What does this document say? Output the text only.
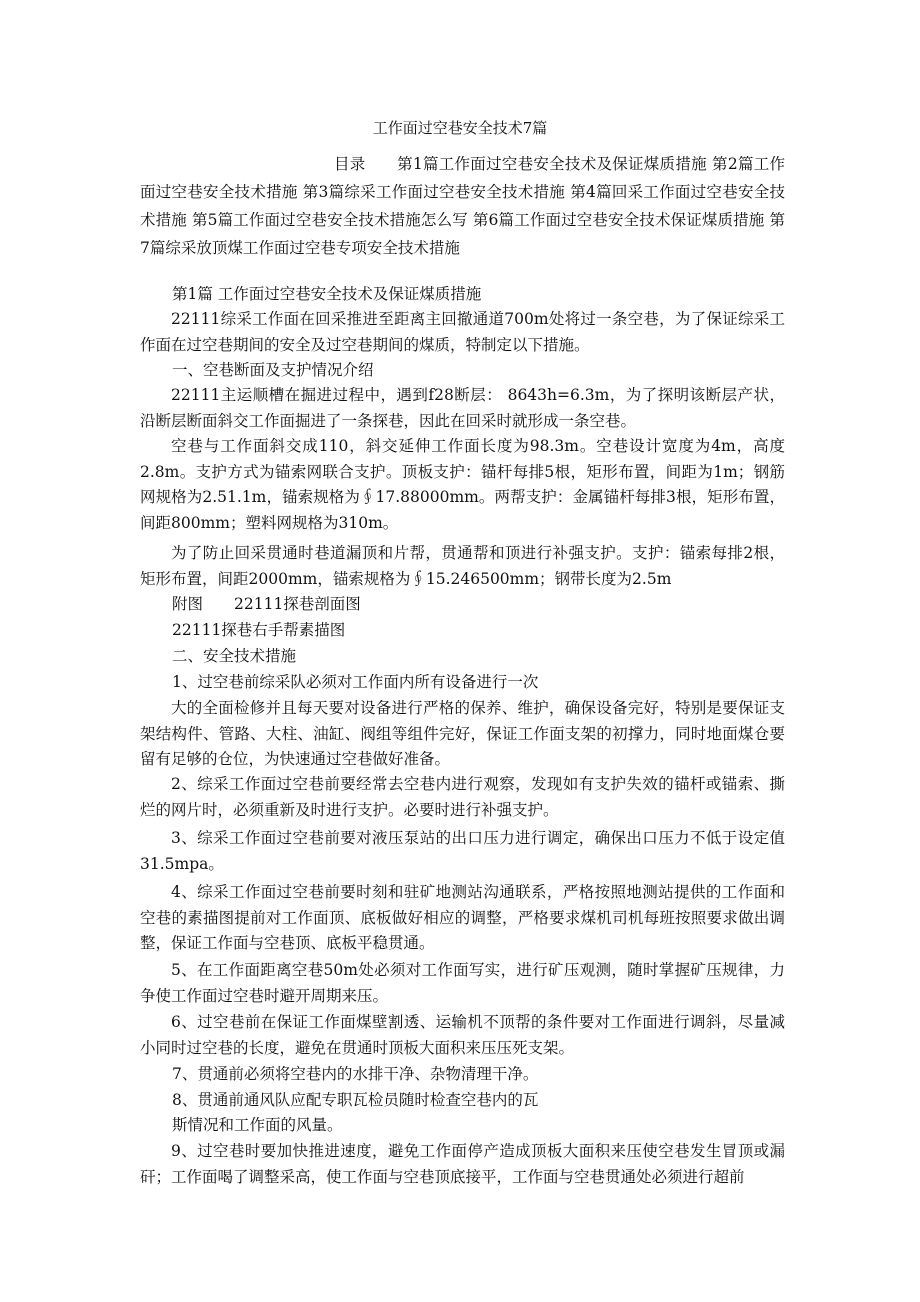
工作面过空巷安全技术7篇

目录　　第1篇工作面过空巷安全技术及保证煤质措施 第2篇工作面过空巷安全技术措施 第3篇综采工作面过空巷安全技术措施 第4篇回采工作面过空巷安全技术措施 第5篇工作面过空巷安全技术措施怎么写 第6篇工作面过空巷安全技术保证煤质措施 第7篇综采放顶煤工作面过空巷专项安全技术措施

第1篇 工作面过空巷安全技术及保证煤质措施

22111综采工作面在回采推进至距离主回撤通道700m处将过一条空巷，为了保证综采工作面在过空巷期间的安全及过空巷期间的煤质，特制定以下措施。

一、空巷断面及支护情况介绍

22111主运顺槽在掘进过程中，遇到f28断层： 8643h=6.3m，为了探明该断层产状，沿断层断面斜交工作面掘进了一条探巷，因此在回采时就形成一条空巷。

空巷与工作面斜交成110，斜交延伸工作面长度为98.3m。空巷设计宽度为4m，高度2.8m。支护方式为锚索网联合支护。顶板支护：锚杆每排5根，矩形布置，间距为1m；钢筋网规格为2.51.1m，锚索规格为∮17.88000mm。两帮支护：金属锚杆每排3根，矩形布置，间距800mm；塑料网规格为310m。

为了防止回采贯通时巷道漏顶和片帮，贯通帮和顶进行补强支护。支护：锚索每排2根，矩形布置，间距2000mm，锚索规格为∮15.246500mm；钢带长度为2.5m

附图　　22111探巷剖面图
22111探巷右手帮素描图
二、安全技术措施
1、过空巷前综采队必须对工作面内所有设备进行一次

大的全面检修并且每天要对设备进行严格的保养、维护，确保设备完好，特别是要保证支架结构件、管路、大柱、油缸、阀组等组件完好，保证工作面支架的初撑力，同时地面煤仓要留有足够的仓位，为快速通过空巷做好准备。

2、综采工作面过空巷前要经常去空巷内进行观察，发现如有支护失效的锚杆或锚索、撕烂的网片时，必须重新及时进行支护。必要时进行补强支护。

3、综采工作面过空巷前要对液压泵站的出口压力进行调定，确保出口压力不低于设定值31.5mpa。

4、综采工作面过空巷前要时刻和驻矿地测站沟通联系，严格按照地测站提供的工作面和空巷的素描图提前对工作面顶、底板做好相应的调整，严格要求煤机司机每班按照要求做出调整，保证工作面与空巷顶、底板平稳贯通。

5、在工作面距离空巷50m处必须对工作面写实，进行矿压观测，随时掌握矿压规律，力争使工作面过空巷时避开周期来压。

6、过空巷前在保证工作面煤壁割透、运输机不顶帮的条件要对工作面进行调斜，尽量减小同时过空巷的长度，避免在贯通时顶板大面积来压压死支架。

7、贯通前必须将空巷内的水排干净、杂物清理干净。
8、贯通前通风队应配专职瓦检员随时检查空巷内的瓦
斯情况和工作面的风量。

9、过空巷时要加快推进速度，避免工作面停产造成顶板大面积来压使空巷发生冒顶或漏矸；工作面喝了调整采高，使工作面与空巷顶底接平，工作面与空巷贯通处必须进行超前
